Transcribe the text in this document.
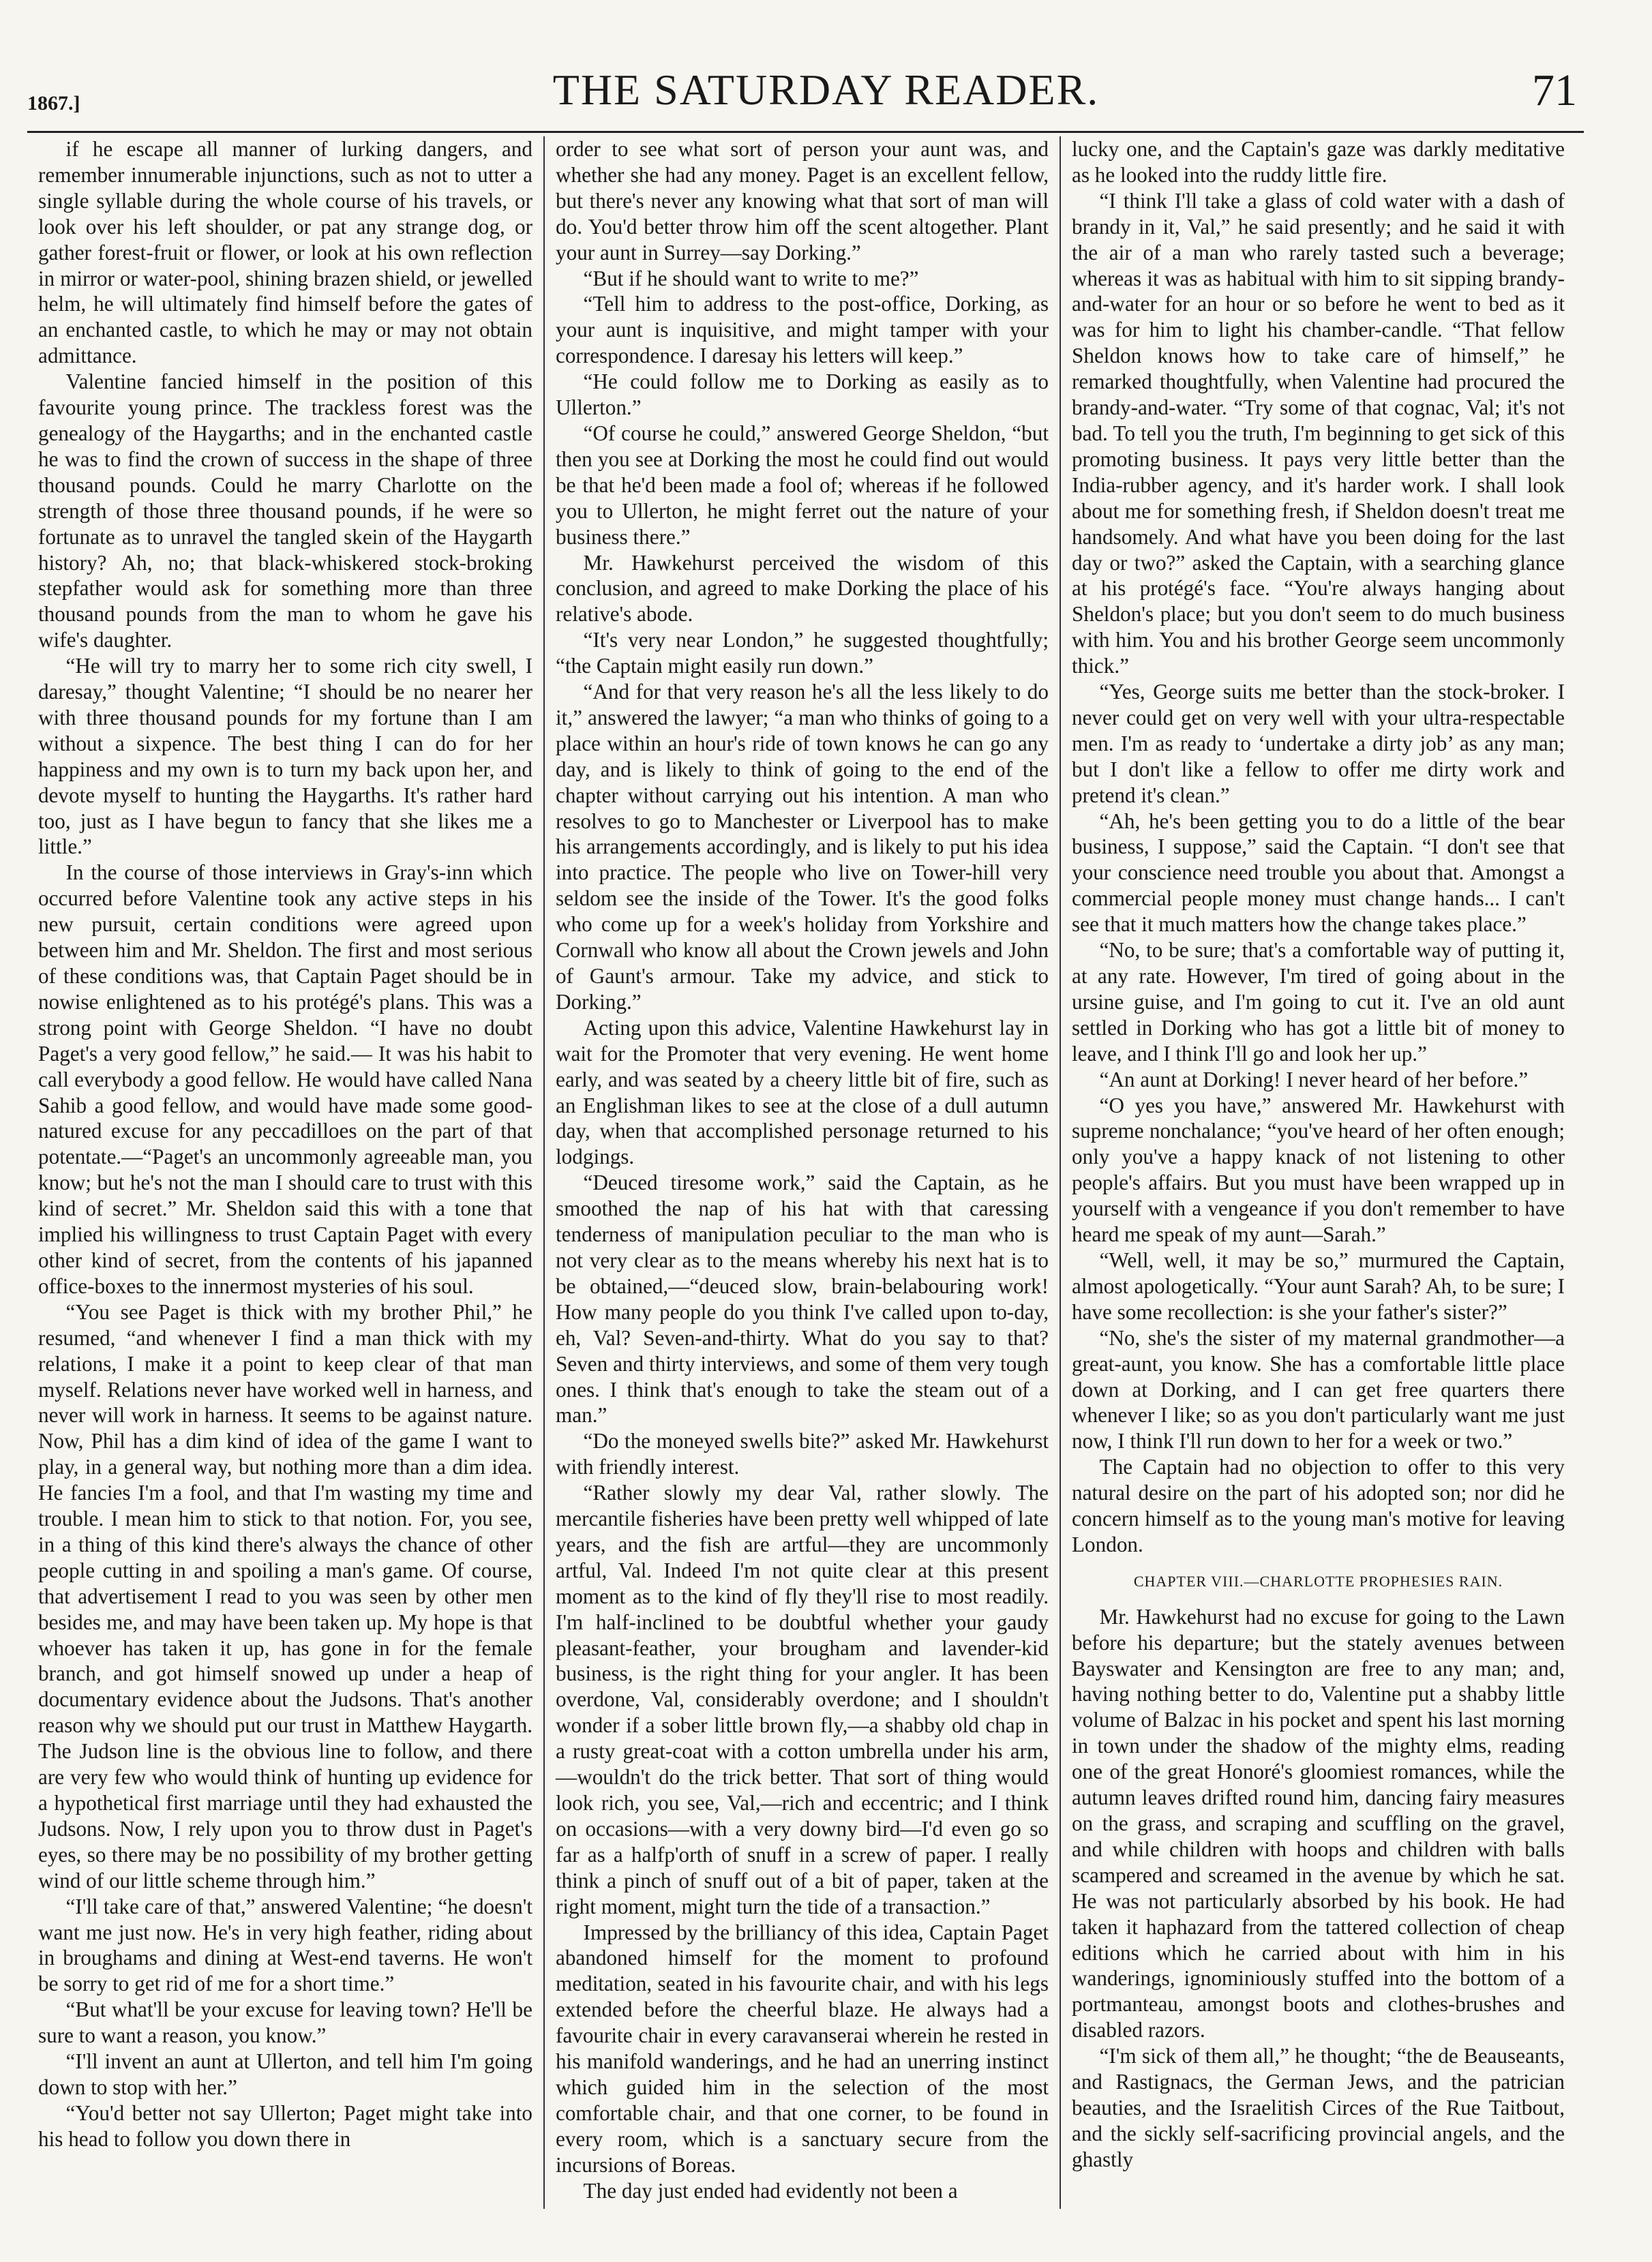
1867.]	THE SATURDAY READER.	71

if he escape all manner of lurking dangers, and remember innumerable injunctions, such as not to utter a single syllable during the whole course of his travels, or look over his left shoulder, or pat any strange dog, or gather forest-fruit or flower, or look at his own reflection in mirror or water-pool, shining brazen shield, or jewelled helm, he will ultimately find himself before the gates of an enchanted castle, to which he may or may not obtain admittance.

Valentine fancied himself in the position of this favourite young prince. The trackless forest was the genealogy of the Haygarths; and in the enchanted castle he was to find the crown of success in the shape of three thousand pounds. Could he marry Charlotte on the strength of those three thousand pounds, if he were so fortunate as to unravel the tangled skein of the Haygarth history? Ah, no; that black-whiskered stock-broking stepfather would ask for something more than three thousand pounds from the man to whom he gave his wife's daughter.

“He will try to marry her to some rich city swell, I daresay,” thought Valentine; “I should be no nearer her with three thousand pounds for my fortune than I am without a sixpence. The best thing I can do for her happiness and my own is to turn my back upon her, and devote myself to hunting the Haygarths. It's rather hard too, just as I have begun to fancy that she likes me a little.”

In the course of those interviews in Gray's-inn which occurred before Valentine took any active steps in his new pursuit, certain conditions were agreed upon between him and Mr. Sheldon. The first and most serious of these conditions was, that Captain Paget should be in nowise enlightened as to his protégé's plans. This was a strong point with George Sheldon. “I have no doubt Paget's a very good fellow,” he said.— It was his habit to call everybody a good fellow. He would have called Nana Sahib a good fellow, and would have made some good-natured excuse for any peccadilloes on the part of that potentate.—“Paget's an uncommonly agreeable man, you know; but he's not the man I should care to trust with this kind of secret.” Mr. Sheldon said this with a tone that implied his willingness to trust Captain Paget with every other kind of secret, from the contents of his japanned office-boxes to the innermost mysteries of his soul.

“You see Paget is thick with my brother Phil,” he resumed, “and whenever I find a man thick with my relations, I make it a point to keep clear of that man myself. Relations never have worked well in harness, and never will work in harness. It seems to be against nature. Now, Phil has a dim kind of idea of the game I want to play, in a general way, but nothing more than a dim idea. He fancies I'm a fool, and that I'm wasting my time and trouble. I mean him to stick to that notion. For, you see, in a thing of this kind there's always the chance of other people cutting in and spoiling a man's game. Of course, that advertisement I read to you was seen by other men besides me, and may have been taken up. My hope is that whoever has taken it up, has gone in for the female branch, and got himself snowed up under a heap of documentary evidence about the Judsons. That's another reason why we should put our trust in Matthew Haygarth. The Judson line is the obvious line to follow, and there are very few who would think of hunting up evidence for a hypothetical first marriage until they had exhausted the Judsons. Now, I rely upon you to throw dust in Paget's eyes, so there may be no possibility of my brother getting wind of our little scheme through him.”

“I'll take care of that,” answered Valentine; “he doesn't want me just now. He's in very high feather, riding about in broughams and dining at West-end taverns. He won't be sorry to get rid of me for a short time.”

“But what'll be your excuse for leaving town? He'll be sure to want a reason, you know.”

“I'll invent an aunt at Ullerton, and tell him I'm going down to stop with her.”

“You'd better not say Ullerton; Paget might take into his head to follow you down there in

order to see what sort of person your aunt was, and whether she had any money. Paget is an excellent fellow, but there's never any knowing what that sort of man will do. You'd better throw him off the scent altogether. Plant your aunt in Surrey—say Dorking.”

“But if he should want to write to me?”

“Tell him to address to the post-office, Dorking, as your aunt is inquisitive, and might tamper with your correspondence. I daresay his letters will keep.”

“He could follow me to Dorking as easily as to Ullerton.”

“Of course he could,” answered George Sheldon, “but then you see at Dorking the most he could find out would be that he'd been made a fool of; whereas if he followed you to Ullerton, he might ferret out the nature of your business there.”

Mr. Hawkehurst perceived the wisdom of this conclusion, and agreed to make Dorking the place of his relative's abode.

“It's very near London,” he suggested thoughtfully; “the Captain might easily run down.”

“And for that very reason he's all the less likely to do it,” answered the lawyer; “a man who thinks of going to a place within an hour's ride of town knows he can go any day, and is likely to think of going to the end of the chapter without carrying out his intention. A man who resolves to go to Manchester or Liverpool has to make his arrangements accordingly, and is likely to put his idea into practice. The people who live on Tower-hill very seldom see the inside of the Tower. It's the good folks who come up for a week's holiday from Yorkshire and Cornwall who know all about the Crown jewels and John of Gaunt's armour. Take my advice, and stick to Dorking.”

Acting upon this advice, Valentine Hawkehurst lay in wait for the Promoter that very evening. He went home early, and was seated by a cheery little bit of fire, such as an Englishman likes to see at the close of a dull autumn day, when that accomplished personage returned to his lodgings.

“Deuced tiresome work,” said the Captain, as he smoothed the nap of his hat with that caressing tenderness of manipulation peculiar to the man who is not very clear as to the means whereby his next hat is to be obtained,—“deuced slow, brain-belabouring work! How many people do you think I've called upon to-day, eh, Val? Seven-and-thirty. What do you say to that? Seven and thirty interviews, and some of them very tough ones. I think that's enough to take the steam out of a man.”

“Do the moneyed swells bite?” asked Mr. Hawkehurst with friendly interest.

“Rather slowly my dear Val, rather slowly. The mercantile fisheries have been pretty well whipped of late years, and the fish are artful—they are uncommonly artful, Val. Indeed I'm not quite clear at this present moment as to the kind of fly they'll rise to most readily. I'm half-inclined to be doubtful whether your gaudy pleasant-feather, your brougham and lavender-kid business, is the right thing for your angler. It has been overdone, Val, considerably overdone; and I shouldn't wonder if a sober little brown fly,—a shabby old chap in a rusty great-coat with a cotton umbrella under his arm,—wouldn't do the trick better. That sort of thing would look rich, you see, Val,—rich and eccentric; and I think on occasions—with a very downy bird—I'd even go so far as a halfp'orth of snuff in a screw of paper. I really think a pinch of snuff out of a bit of paper, taken at the right moment, might turn the tide of a transaction.”

Impressed by the brilliancy of this idea, Captain Paget abandoned himself for the moment to profound meditation, seated in his favourite chair, and with his legs extended before the cheerful blaze. He always had a favourite chair in every caravanserai wherein he rested in his manifold wanderings, and he had an unerring instinct which guided him in the selection of the most comfortable chair, and that one corner, to be found in every room, which is a sanctuary secure from the incursions of Boreas.

The day just ended had evidently not been a

lucky one, and the Captain's gaze was darkly meditative as he looked into the ruddy little fire.

“I think I'll take a glass of cold water with a dash of brandy in it, Val,” he said presently; and he said it with the air of a man who rarely tasted such a beverage; whereas it was as habitual with him to sit sipping brandy-and-water for an hour or so before he went to bed as it was for him to light his chamber-candle. “That fellow Sheldon knows how to take care of himself,” he remarked thoughtfully, when Valentine had procured the brandy-and-water. “Try some of that cognac, Val; it's not bad. To tell you the truth, I'm beginning to get sick of this promoting business. It pays very little better than the India-rubber agency, and it's harder work. I shall look about me for something fresh, if Sheldon doesn't treat me handsomely. And what have you been doing for the last day or two?” asked the Captain, with a searching glance at his protégé's face. “You're always hanging about Sheldon's place; but you don't seem to do much business with him. You and his brother George seem uncommonly thick.”

“Yes, George suits me better than the stock-broker. I never could get on very well with your ultra-respectable men. I'm as ready to ‘undertake a dirty job’ as any man; but I don't like a fellow to offer me dirty work and pretend it's clean.”

“Ah, he's been getting you to do a little of the bear business, I suppose,” said the Captain. “I don't see that your conscience need trouble you about that. Amongst a commercial people money must change hands... I can't see that it much matters how the change takes place.”

“No, to be sure; that's a comfortable way of putting it, at any rate. However, I'm tired of going about in the ursine guise, and I'm going to cut it. I've an old aunt settled in Dorking who has got a little bit of money to leave, and I think I'll go and look her up.”

“An aunt at Dorking! I never heard of her before.”

“O yes you have,” answered Mr. Hawkehurst with supreme nonchalance; “you've heard of her often enough; only you've a happy knack of not listening to other people's affairs. But you must have been wrapped up in yourself with a vengeance if you don't remember to have heard me speak of my aunt—Sarah.”

“Well, well, it may be so,” murmured the Captain, almost apologetically. “Your aunt Sarah? Ah, to be sure; I have some recollection: is she your father's sister?”

“No, she's the sister of my maternal grandmother—a great-aunt, you know. She has a comfortable little place down at Dorking, and I can get free quarters there whenever I like; so as you don't particularly want me just now, I think I'll run down to her for a week or two.”

The Captain had no objection to offer to this very natural desire on the part of his adopted son; nor did he concern himself as to the young man's motive for leaving London.

CHAPTER VIII.—CHARLOTTE PROPHESIES RAIN.

Mr. Hawkehurst had no excuse for going to the Lawn before his departure; but the stately avenues between Bayswater and Kensington are free to any man; and, having nothing better to do, Valentine put a shabby little volume of Balzac in his pocket and spent his last morning in town under the shadow of the mighty elms, reading one of the great Honoré's gloomiest romances, while the autumn leaves drifted round him, dancing fairy measures on the grass, and scraping and scuffling on the gravel, and while children with hoops and children with balls scampered and screamed in the avenue by which he sat. He was not particularly absorbed by his book. He had taken it haphazard from the tattered collection of cheap editions which he carried about with him in his wanderings, ignominiously stuffed into the bottom of a portmanteau, amongst boots and clothes-brushes and disabled razors.

“I'm sick of them all,” he thought; “the de Beauseants, and Rastignacs, the German Jews, and the patrician beauties, and the Israelitish Circes of the Rue Taitbout, and the sickly self-sacrificing provincial angels, and the ghastly
